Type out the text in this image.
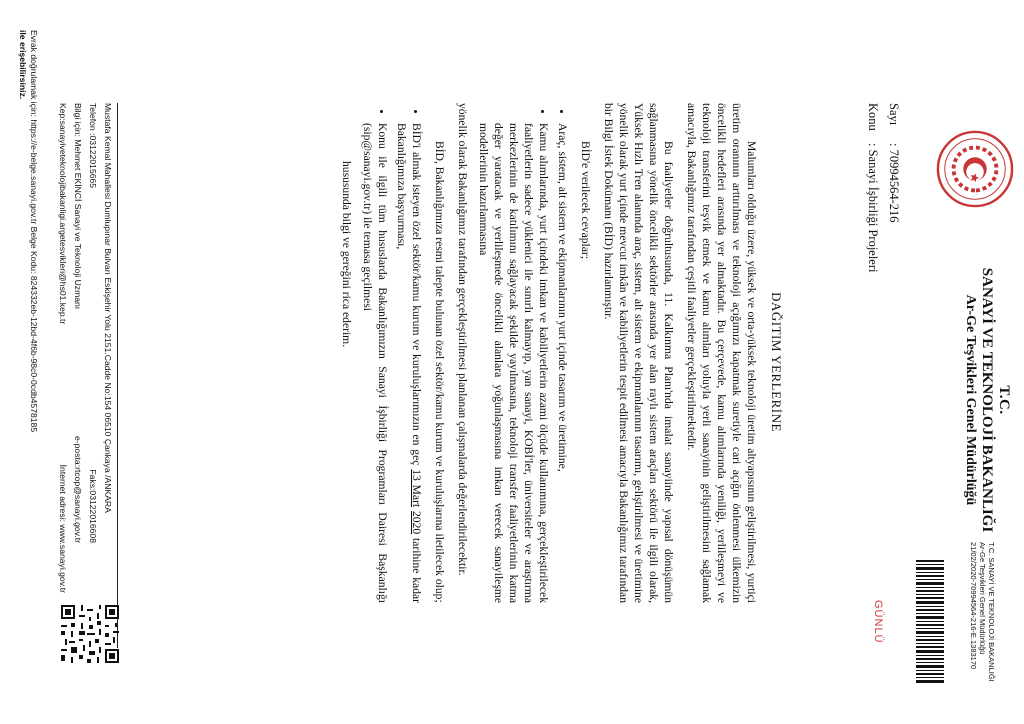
T.C.
SANAYİ VE TEKNOLOJİ BAKANLIĞI
Ar-Ge Teşvikleri Genel Müdürlüğü
T.C. SANAYİ VE TEKNOLOJİ BAKANLIĞI
Ar-Ge Teşvikleri Genel Müdürlüğü
21/02/2020-70994564-216-E.1383170
GÜNLÜ
Sayı: 70994564-216
Konu: Sanayi İşbirliği Projeleri
DAĞITIM YERLERİNE

Malumları olduğu üzere, yüksek ve orta-yüksek teknoloji üretim altyapısının geliştirilmesi, yurtiçi üretim oranının arttırılması ve teknoloji açığımızı kapatmak suretiyle cari açığın önlenmesi ülkemizin öncelikli hedefleri arasında yer almaktadır. Bu çerçevede, kamu alımlarında yeniliği, yerlileşmeyi ve teknoloji transferini teşvik etmek ve kamu alımları yoluyla yerli sanayinin geliştirilmesini sağlamak amacıyla, Bakanlığımız tarafından çeşitli faaliyetler gerçekleştirilmektedir.

Bu faaliyetler doğrultusunda, 11. Kalkınma Planı'nda imalat sanayiinde yapısal dönüşümün sağlanmasına yönelik öncelikli sektörler arasında yer alan raylı sistem araçları sektörü ile ilgili olarak, Yüksek Hızlı Tren alanında araç, sistem, alt sistem ve ekipmanlarının tasarımı, geliştirilmesi ve üretimine yönelik olarak yurt içinde mevcut imkân ve kabiliyetlerin tespit edilmesi amacıyla Bakanlığımız tarafından bir Bilgi İstek Dokümanı (BİD) hazırlanmıştır.

BİD'e verilecek cevaplar;

• Araç, sistem, alt sistem ve ekipmanlarının yurt içinde tasarım ve üretimine,
• Kamu alımlarında, yurt içindeki imkan ve kabiliyetlerin azami ölçüde kullanımına, gerçekleştirilecek faaliyetlerin sadece yüklenici ile sınırlı kalmayıp, yan sanayi, KOBİ'ler, üniversiteler ve araştırma merkezlerinin de katılımını sağlayacak şekilde yayılmasına, teknoloji transfer faaliyetlerinin katma değer yaratacak ve yerlileşmede öncelikli alanlara yoğunlaşmasına imkan verecek sanayileşme modellerinin hazırlanmasına

yönelik olarak Bakanlığımız tarafından gerçekleştirilmesi planlanan çalışmalarda değerlendirilecektir.

BİD, Bakanlığımıza resmi talepte bulunan özel sektör/kamu kurum ve kuruluşlarına iletilecek olup;

• BİD'i almak isteyen özel sektör/kamu kurum ve kuruluşlarımızın en geç 13 Mart 2020 tarihine kadar Bakanlığımıza başvurması,
• Konu ile ilgili tüm hususlarda Bakanlığımızın Sanayi İşbirliği Programları Dairesi Başkanlığı (sip@sanayi.gov.tr) ile temasa geçilmesi

hususunda bilgi ve gereğini rica ederim.

Mustafa Kemal Mahallesi Dumlupınar Bulvarı Eskişehir Yolu 2151.Cadde No:154 06510 Çankaya /ANKARA
Telefon :03122015665
Faks:03122016608
Bilgi için: Mehmet EKİNCİ Sanayi ve Teknoloji Uzmanı
e-posta:rtcop@sanayi.gov.tr
Kep:sanayiveteknolojibakanligi.argetesvikleri@hs01.kep.tr
İnternet adresi: www.sanayi.gov.tr
Evrak doğrulamak için: https://e-belge.sanayi.gov.tr Belge Kodu: 824332eb-12bd-4f6b-98c0-0cdb4578185
ile erişebilirsiniz.
